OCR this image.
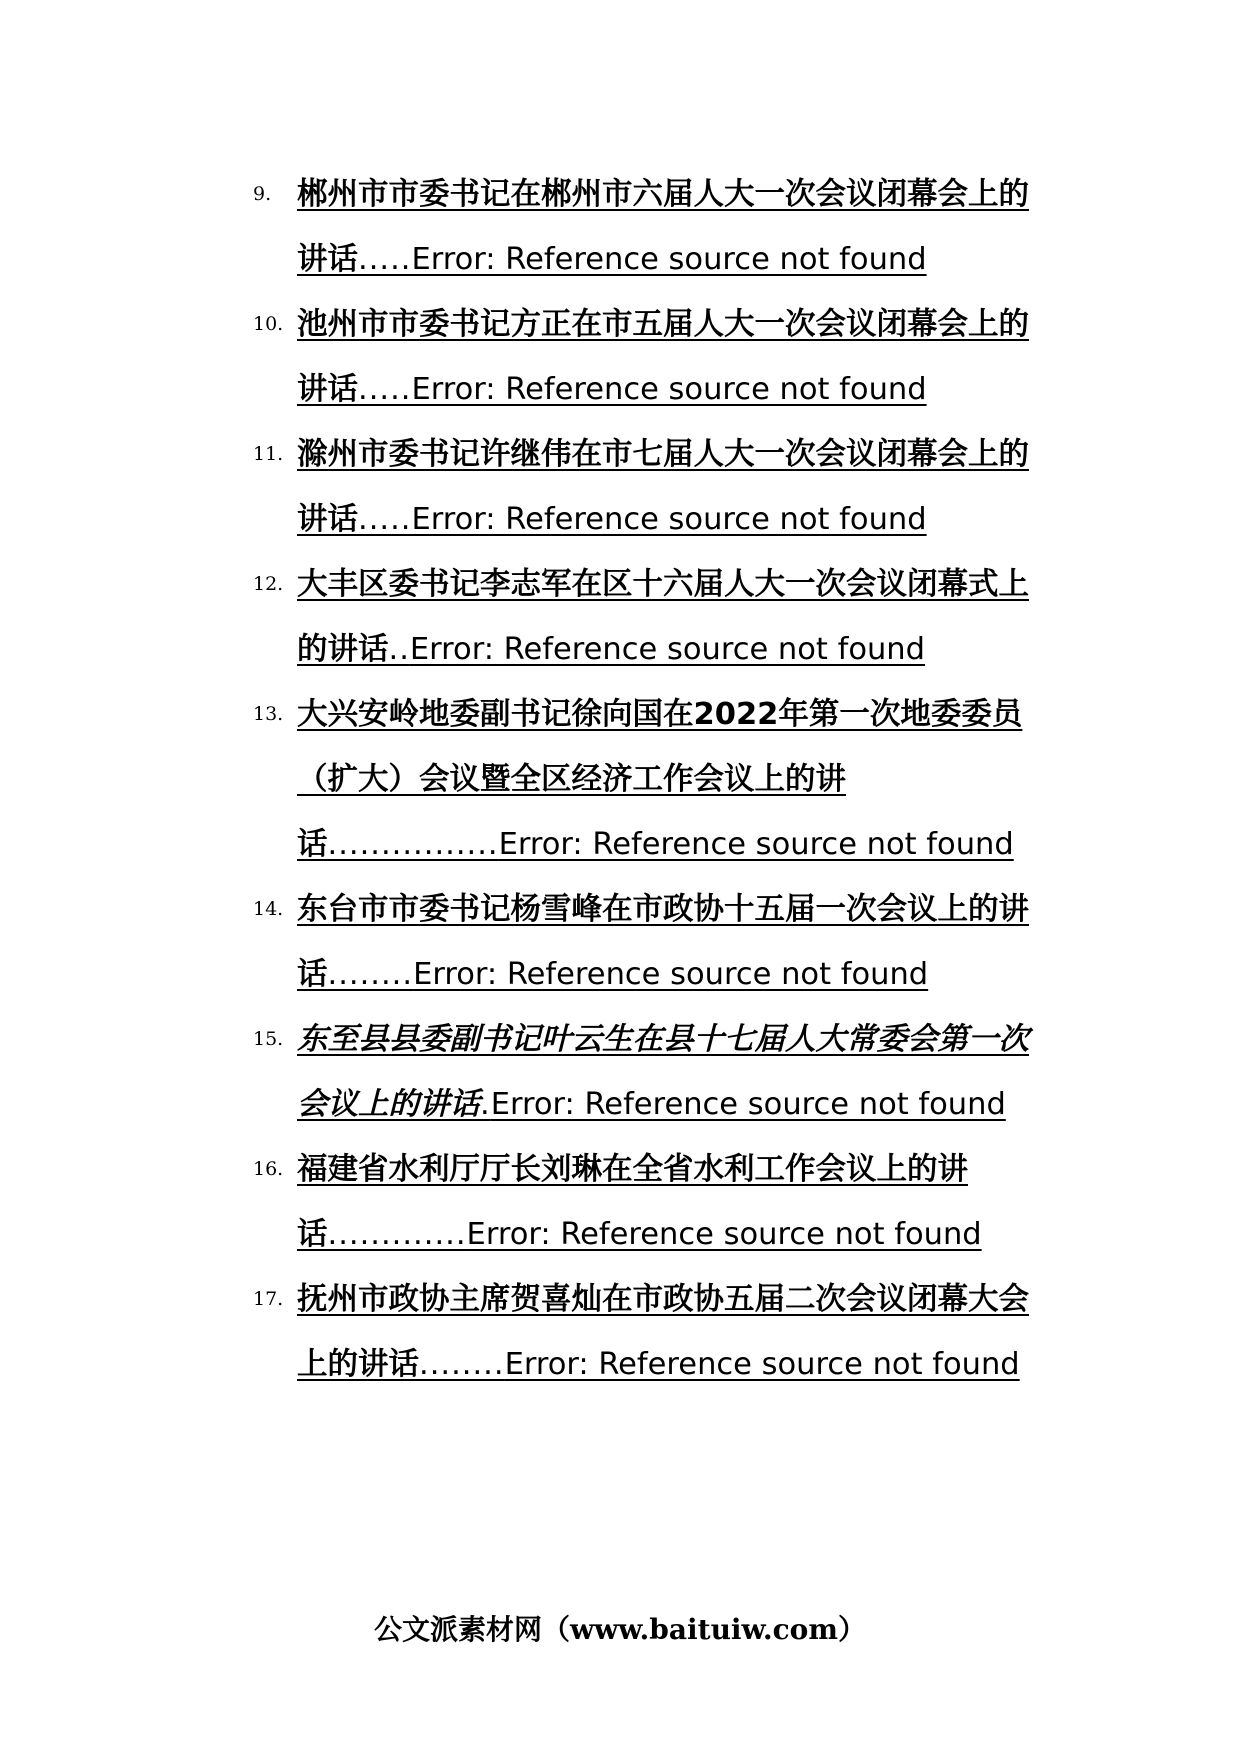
9. 郴州市市委书记在郴州市六届人大一次会议闭幕会上的讲话.....Error: Reference source not found
10. 池州市市委书记方正在市五届人大一次会议闭幕会上的讲话.....Error: Reference source not found
11. 滁州市委书记许继伟在市七届人大一次会议闭幕会上的讲话.....Error: Reference source not found
12. 大丰区委书记李志军在区十六届人大一次会议闭幕式上的讲话..Error: Reference source not found
13. 大兴安岭地委副书记徐向国在2022年第一次地委委员（扩大）会议暨全区经济工作会议上的讲话................Error: Reference source not found
14. 东台市市委书记杨雪峰在市政协十五届一次会议上的讲话........Error: Reference source not found
15. 东至县县委副书记叶云生在县十七届人大常委会第一次会议上的讲话.Error: Reference source not found
16. 福建省水利厅厅长刘琳在全省水利工作会议上的讲话.............Error: Reference source not found
17. 抚州市政协主席贺喜灿在市政协五届二次会议闭幕大会上的讲话........Error: Reference source not found
公文派素材网（www.baituiw.com）
